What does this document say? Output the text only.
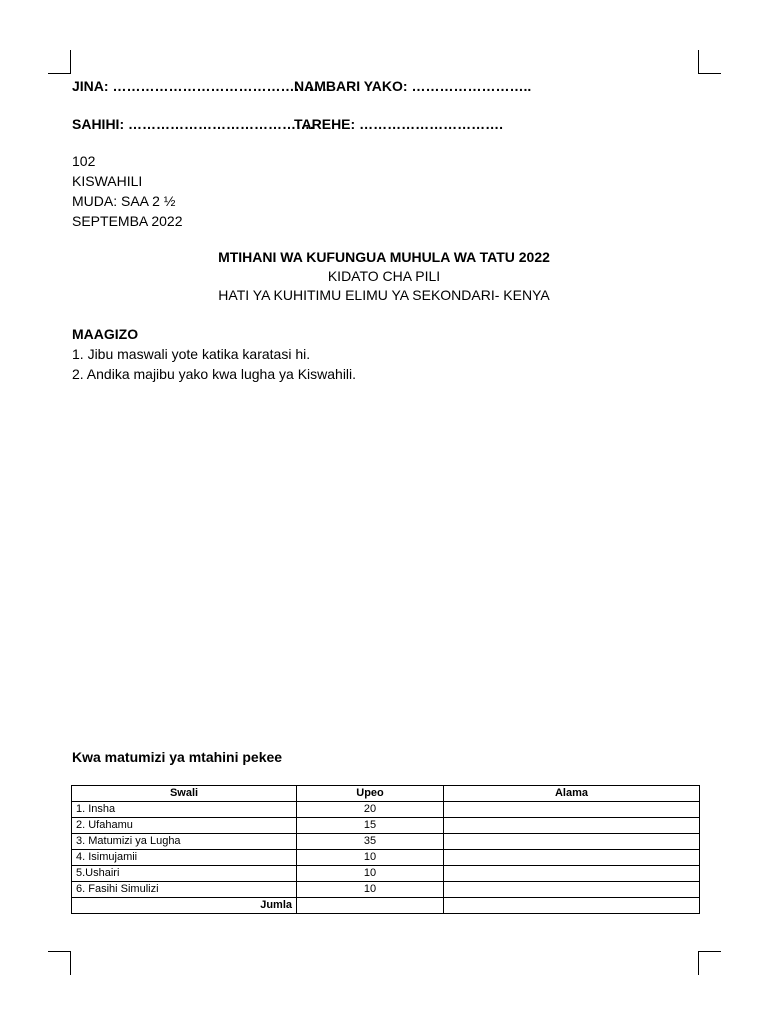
JINA: ………………………………………..
NAMBARI YAKO: ……………………..
SAHIHI: ………………………………….
TAREHE: ………………………….
102
KISWAHILI
MUDA: SAA 2 ½
SEPTEMBA 2022
MTIHANI WA KUFUNGUA MUHULA WA TATU 2022
KIDATO CHA PILI
HATI YA KUHITIMU ELIMU YA SEKONDARI- KENYA
MAAGIZO
1. Jibu maswali yote katika karatasi hi.
2. Andika majibu yako kwa lugha ya Kiswahili.
Kwa matumizi ya mtahini pekee
Swali	Upeo	Alama
1. Insha	20	
2. Ufahamu	15	
3. Matumizi ya Lugha	35	
4. Isimujamii	10	
5.Ushairi	10	
6. Fasihi Simulizi	10	
Jumla		
